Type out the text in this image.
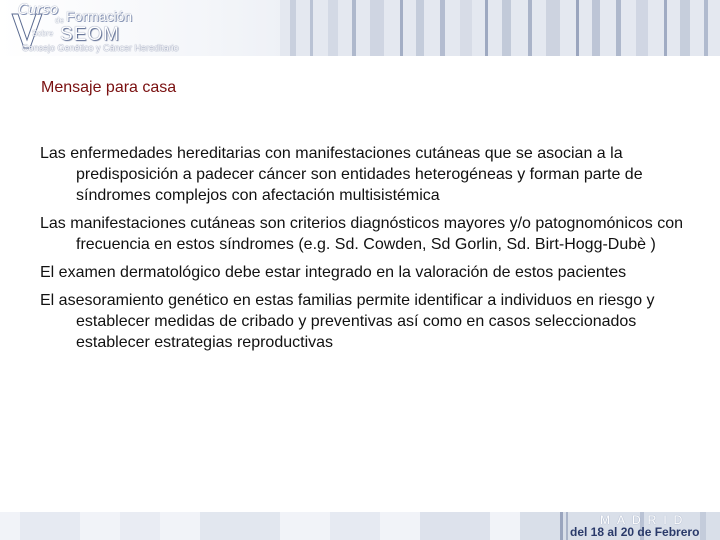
Curso
de Formación
Sobre SEOM
Consejo Genético y Cáncer Hereditario
Mensaje para casa

Las enfermedades hereditarias con manifestaciones cutáneas que se asocian a la predisposición a padecer cáncer son entidades heterogéneas y forman parte de síndromes complejos con afectación multisistémica

Las manifestaciones cutáneas son criterios diagnósticos mayores y/o patognomónicos con frecuencia en estos síndromes (e.g. Sd. Cowden, Sd Gorlin, Sd. Birt-Hogg-Dubè )

El examen dermatológico debe estar integrado en la valoración de estos pacientes

El asesoramiento genético en estas familias permite identificar a individuos en riesgo y establecer medidas de cribado y preventivas así como en casos seleccionados establecer estrategias reproductivas

MADRID
del 18 al 20 de Febrero
